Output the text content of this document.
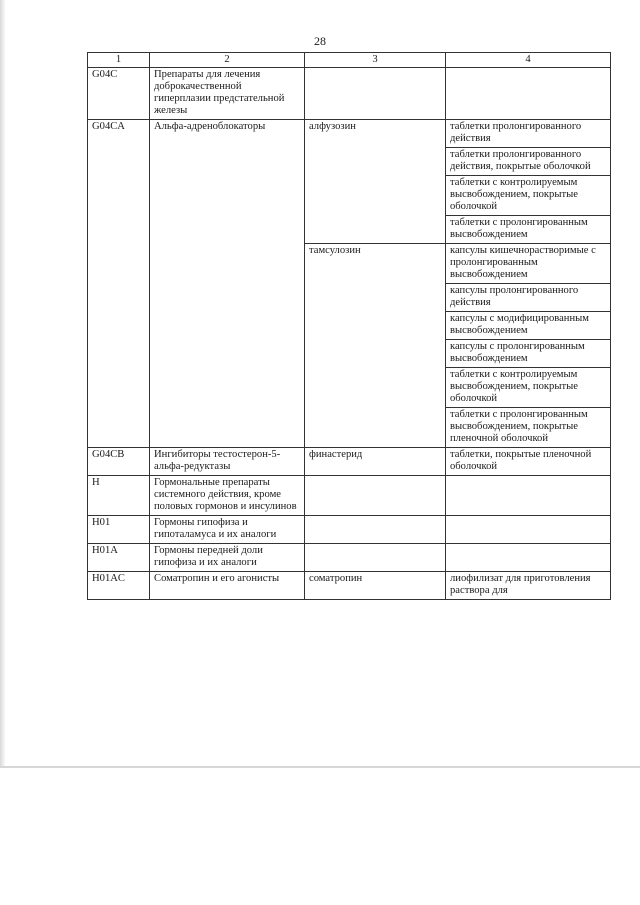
28
1	2	3	4
G04C	Препараты для лечения доброкачественной гиперплазии предстательной железы		
G04CA	Альфа-адреноблокаторы	алфузозин	таблетки пролонгированного действия
			таблетки пролонгированного действия, покрытые оболочкой
			таблетки с контролируемым высвобождением, покрытые оболочкой
			таблетки с пролонгированным высвобождением
		тамсулозин	капсулы кишечнорастворимые с пролонгированным высвобождением
			капсулы пролонгированного действия
			капсулы с модифицированным высвобождением
			капсулы с пролонгированным высвобождением
			таблетки с контролируемым высвобождением, покрытые оболочкой
			таблетки с пролонгированным высвобождением, покрытые пленочной оболочкой
G04CB	Ингибиторы тестостерон-5-альфа-редуктазы	финастерид	таблетки, покрытые пленочной оболочкой
H	Гормональные препараты системного действия, кроме половых гормонов и инсулинов		
H01	Гормоны гипофиза и гипоталамуса и их аналоги		
H01A	Гормоны передней доли гипофиза и их аналоги		
H01AC	Соматропин и его агонисты	соматропин	лиофилизат для приготовления раствора для
